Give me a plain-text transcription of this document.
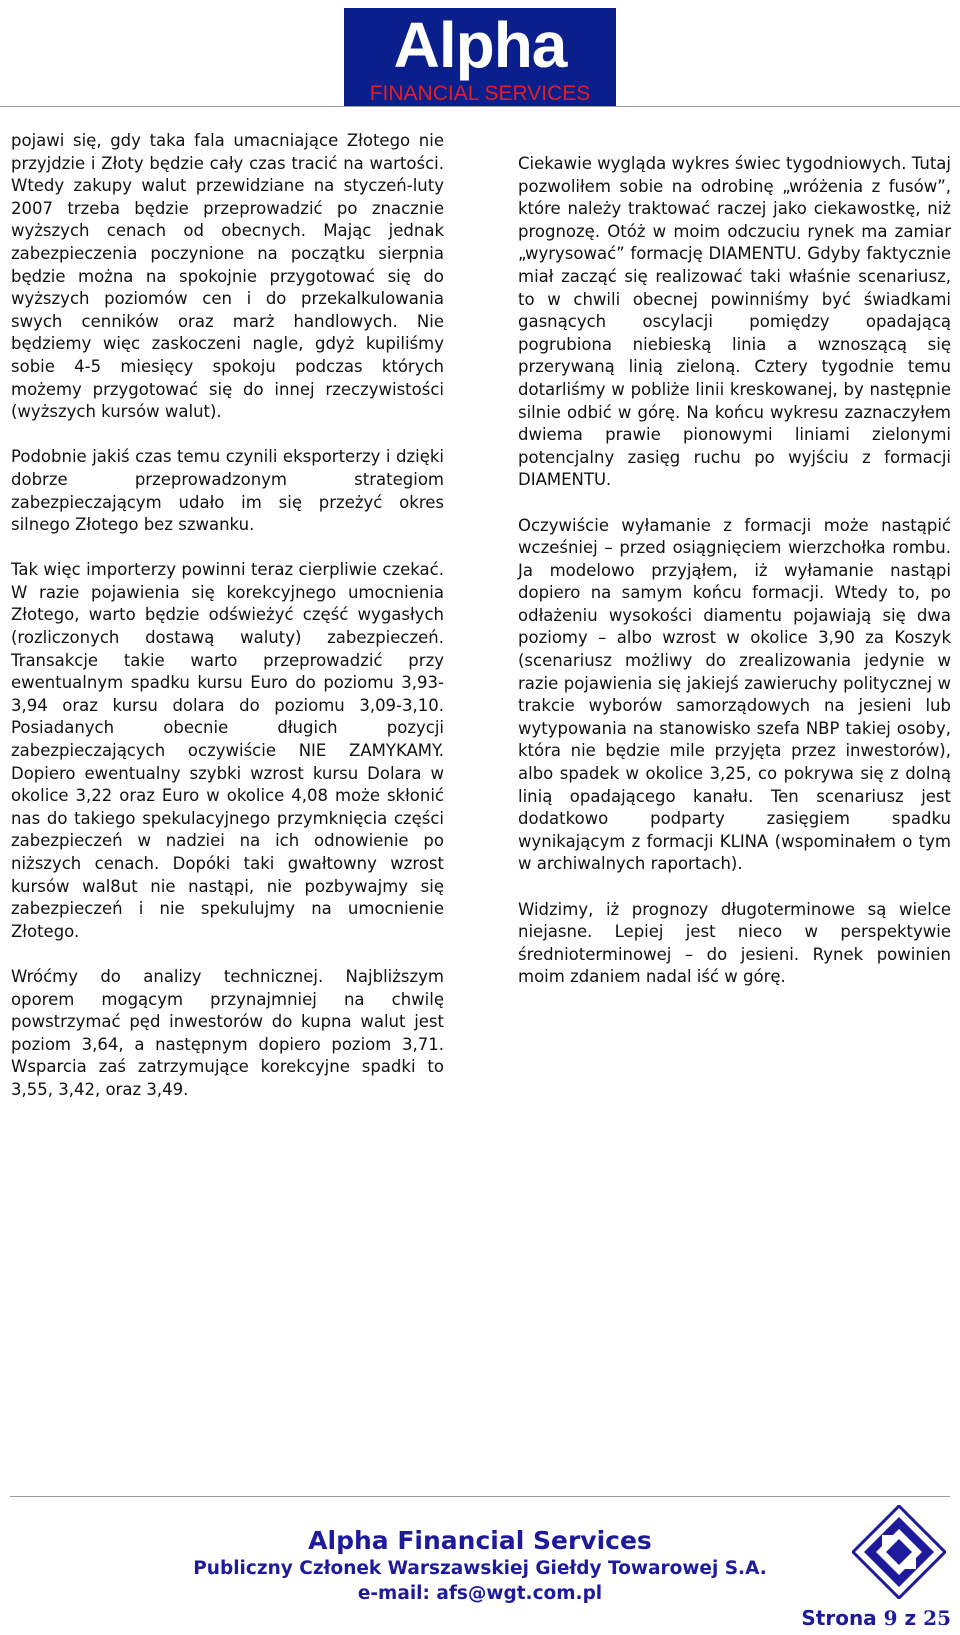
Alpha
FINANCIAL SERVICES

pojawi się, gdy taka fala umacniające Złotego nie przyjdzie i Złoty będzie cały czas tracić na wartości. Wtedy zakupy walut przewidziane na styczeń-luty 2007 trzeba będzie przeprowadzić po znacznie wyższych cenach od obecnych. Mając jednak zabezpieczenia poczynione na początku sierpnia będzie można na spokojnie przygotować się do wyższych poziomów cen i do przekalkulowania swych cenników oraz marż handlowych. Nie będziemy więc zaskoczeni nagle, gdyż kupiliśmy sobie 4-5 miesięcy spokoju podczas których możemy przygotować się do innej rzeczywistości (wyższych kursów walut).

Podobnie jakiś czas temu czynili eksporterzy i dzięki dobrze przeprowadzonym strategiom zabezpieczającym udało im się przeżyć okres silnego Złotego bez szwanku.

Tak więc importerzy powinni teraz cierpliwie czekać. W razie pojawienia się korekcyjnego umocnienia Złotego, warto będzie odświeżyć część wygasłych (rozliczonych dostawą waluty) zabezpieczeń. Transakcje takie warto przeprowadzić przy ewentualnym spadku kursu Euro do poziomu 3,93-3,94 oraz kursu dolara do poziomu 3,09-3,10. Posiadanych obecnie długich pozycji zabezpieczających oczywiście NIE ZAMYKAMY. Dopiero ewentualny szybki wzrost kursu Dolara w okolice 3,22 oraz Euro w okolice 4,08 może skłonić nas do takiego spekulacyjnego przymknięcia części zabezpieczeń w nadziei na ich odnowienie po niższych cenach. Dopóki taki gwałtowny wzrost kursów wal8ut nie nastąpi, nie pozbywajmy się zabezpieczeń i nie spekulujmy na umocnienie Złotego.

Wróćmy do analizy technicznej. Najbliższym oporem mogącym przynajmniej na chwilę powstrzymać pęd inwestorów do kupna walut jest poziom 3,64, a następnym dopiero poziom 3,71. Wsparcia zaś zatrzymujące korekcyjne spadki to 3,55, 3,42, oraz 3,49.

Ciekawie wygląda wykres świec tygodniowych. Tutaj pozwoliłem sobie na odrobinę „wróżenia z fusów”, które należy traktować raczej jako ciekawostkę, niż prognozę. Otóż w moim odczuciu rynek ma zamiar „wyrysować” formację DIAMENTU. Gdyby faktycznie miał zacząć się realizować taki właśnie scenariusz, to w chwili obecnej powinniśmy być świadkami gasnących oscylacji pomiędzy opadającą pogrubiona niebieską linia a wznoszącą się przerywaną linią zieloną. Cztery tygodnie temu dotarliśmy w pobliże linii kreskowanej, by następnie silnie odbić w górę. Na końcu wykresu zaznaczyłem dwiema prawie pionowymi liniami zielonymi potencjalny zasięg ruchu po wyjściu z formacji DIAMENTU.

Oczywiście wyłamanie z formacji może nastąpić wcześniej – przed osiągnięciem wierzchołka rombu. Ja modelowo przyjąłem, iż wyłamanie nastąpi dopiero na samym końcu formacji. Wtedy to, po odłażeniu wysokości diamentu pojawiają się dwa poziomy – albo wzrost w okolice 3,90 za Koszyk (scenariusz możliwy do zrealizowania jedynie w razie pojawienia się jakiejś zawieruchy politycznej w trakcie wyborów samorządowych na jesieni lub wytypowania na stanowisko szefa NBP takiej osoby, która nie będzie mile przyjęta przez inwestorów), albo spadek w okolice 3,25, co pokrywa się z dolną linią opadającego kanału. Ten scenariusz jest dodatkowo podparty zasięgiem spadku wynikającym z formacji KLINA (wspominałem o tym w archiwalnych raportach).

Widzimy, iż prognozy długoterminowe są wielce niejasne. Lepiej jest nieco w perspektywie średnioterminowej – do jesieni. Rynek powinien moim zdaniem nadal iść w górę.

Alpha Financial Services
Publiczny Członek Warszawskiej Giełdy Towarowej S.A.
e-mail: afs@wgt.com.pl
Strona 9 z 25
